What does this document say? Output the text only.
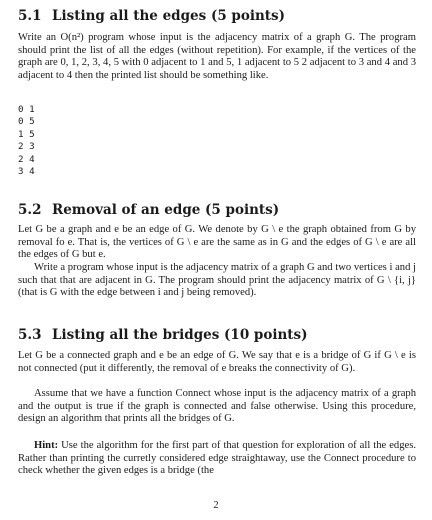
5.1 Listing all the edges (5 points)

Write an O(n²) program whose input is the adjacency matrix of a graph G. The program should print the list of all the edges (without repetition). For example, if the vertices of the graph are 0, 1, 2, 3, 4, 5 with 0 adjacent to 1 and 5, 1 adjacent to 5 2 adjacent to 3 and 4 and 3 adjacent to 4 then the printed list should be something like.

0 1
0 5
1 5
2 3
2 4
3 4
5.2 Removal of an edge (5 points)

Let G be a graph and e be an edge of G. We denote by G \ e the graph obtained from G by removal fo e. That is, the vertices of G \ e are the same as in G and the edges of G \ e are all the edges of G but e.

Write a program whose input is the adjacency matrix of a graph G and two vertices i and j such that that are adjacent in G. The program should print the adjacency matrix of G \ {i, j} (that is G with the edge between i and j being removed).

5.3 Listing all the bridges (10 points)

Let G be a connected graph and e be an edge of G. We say that e is a bridge of G if G \ e is not connected (put it differently, the removal of e breaks the connectivity of G).

Assume that we have a function Connect whose input is the adjacency matrix of a graph and the output is true if the graph is connected and false otherwise. Using this procedure, design an algorithm that prints all the bridges of G.

Hint: Use the algorithm for the first part of that question for exploration of all the edges. Rather than printing the curretly considered edge straightaway, use the Connect procedure to check whether the given edges is a bridge (the

2
